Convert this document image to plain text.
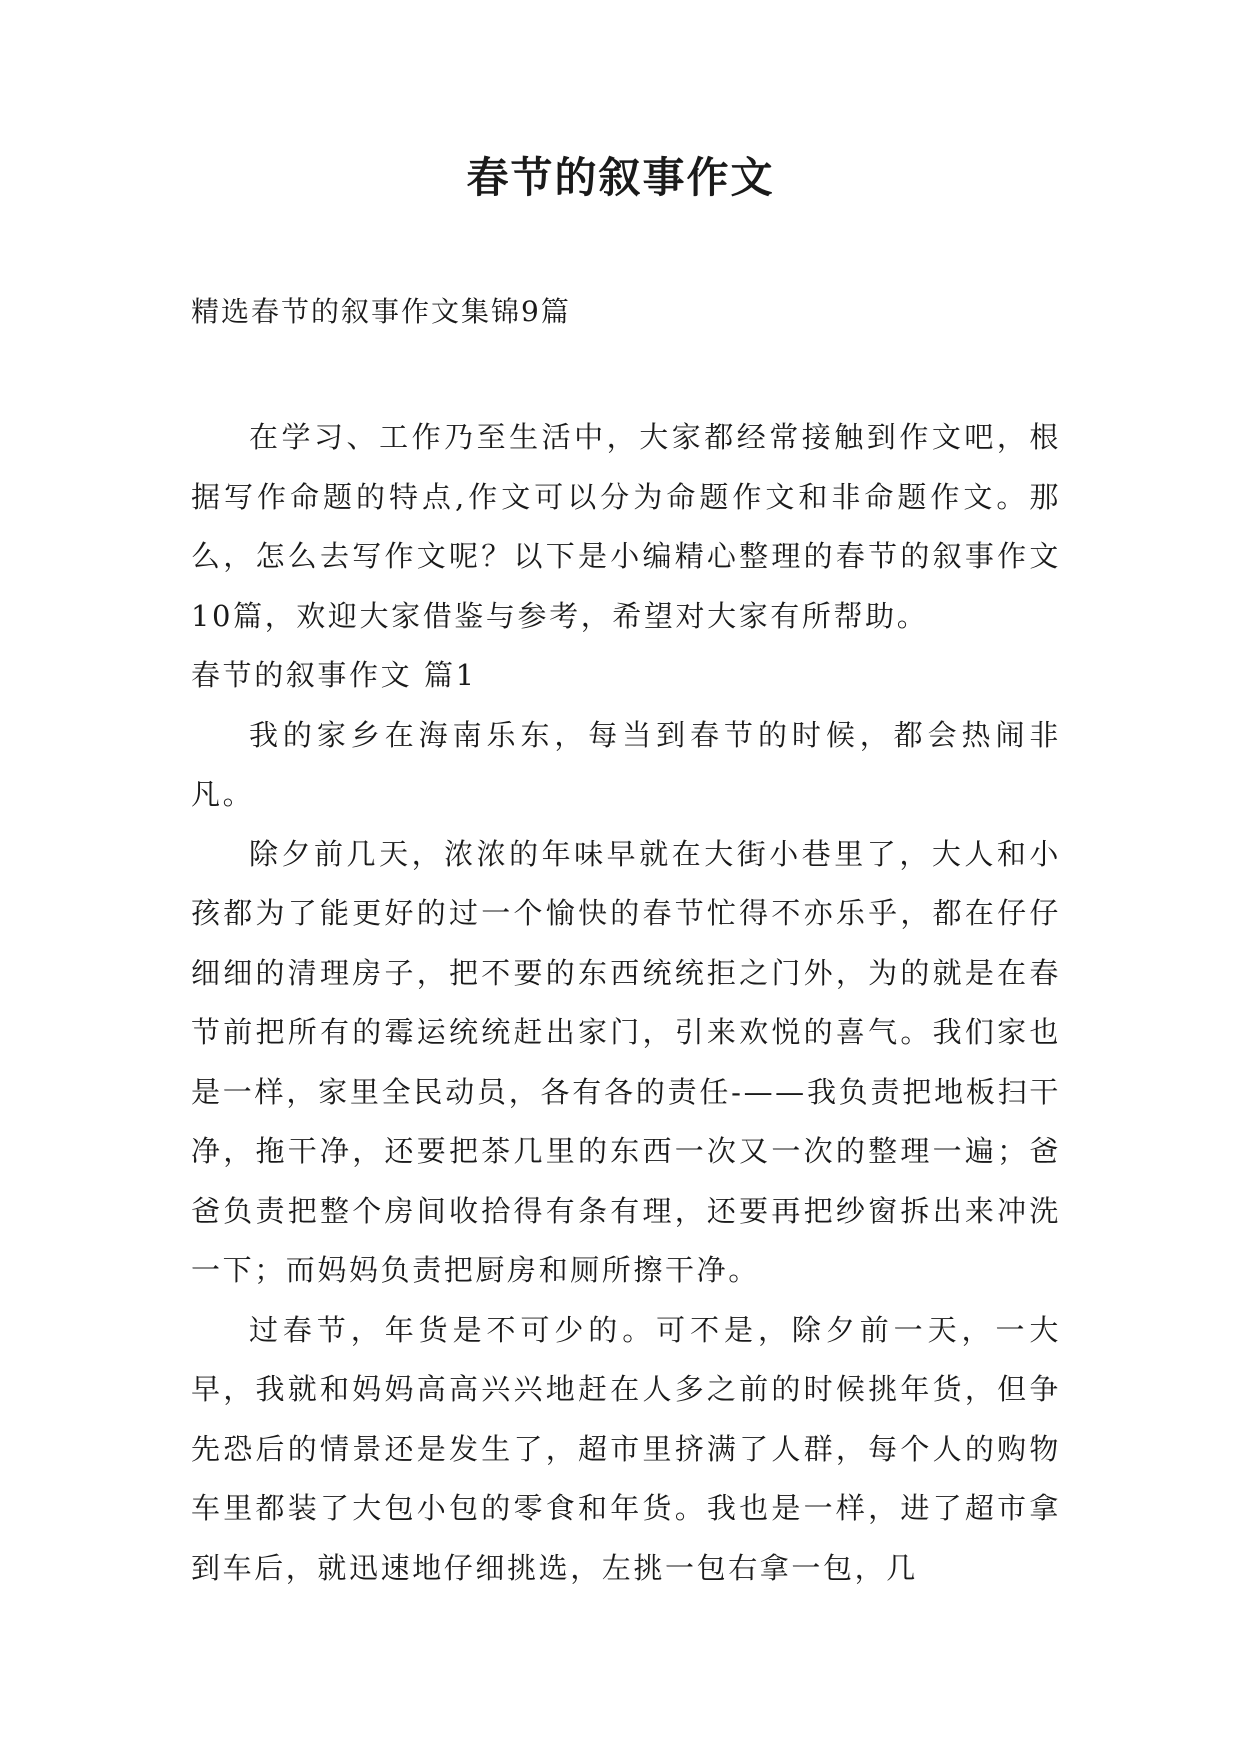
春节的叙事作文
精选春节的叙事作文集锦9篇

在学习、工作乃至生活中，大家都经常接触到作文吧，根据写作命题的特点,作文可以分为命题作文和非命题作文。那么，怎么去写作文呢？以下是小编精心整理的春节的叙事作文10篇，欢迎大家借鉴与参考，希望对大家有所帮助。

春节的叙事作文 篇1

我的家乡在海南乐东，每当到春节的时候，都会热闹非凡。

除夕前几天，浓浓的年味早就在大街小巷里了，大人和小孩都为了能更好的过一个愉快的春节忙得不亦乐乎，都在仔仔细细的清理房子，把不要的东西统统拒之门外，为的就是在春节前把所有的霉运统统赶出家门，引来欢悦的喜气。我们家也是一样，家里全民动员，各有各的责任-——我负责把地板扫干净，拖干净，还要把茶几里的东西一次又一次的整理一遍；爸爸负责把整个房间收拾得有条有理，还要再把纱窗拆出来冲洗一下；而妈妈负责把厨房和厕所擦干净。

过春节，年货是不可少的。可不是，除夕前一天，一大早，我就和妈妈高高兴兴地赶在人多之前的时候挑年货，但争先恐后的情景还是发生了，超市里挤满了人群，每个人的购物车里都装了大包小包的零食和年货。我也是一样，进了超市拿到车后，就迅速地仔细挑选，左挑一包右拿一包，几
